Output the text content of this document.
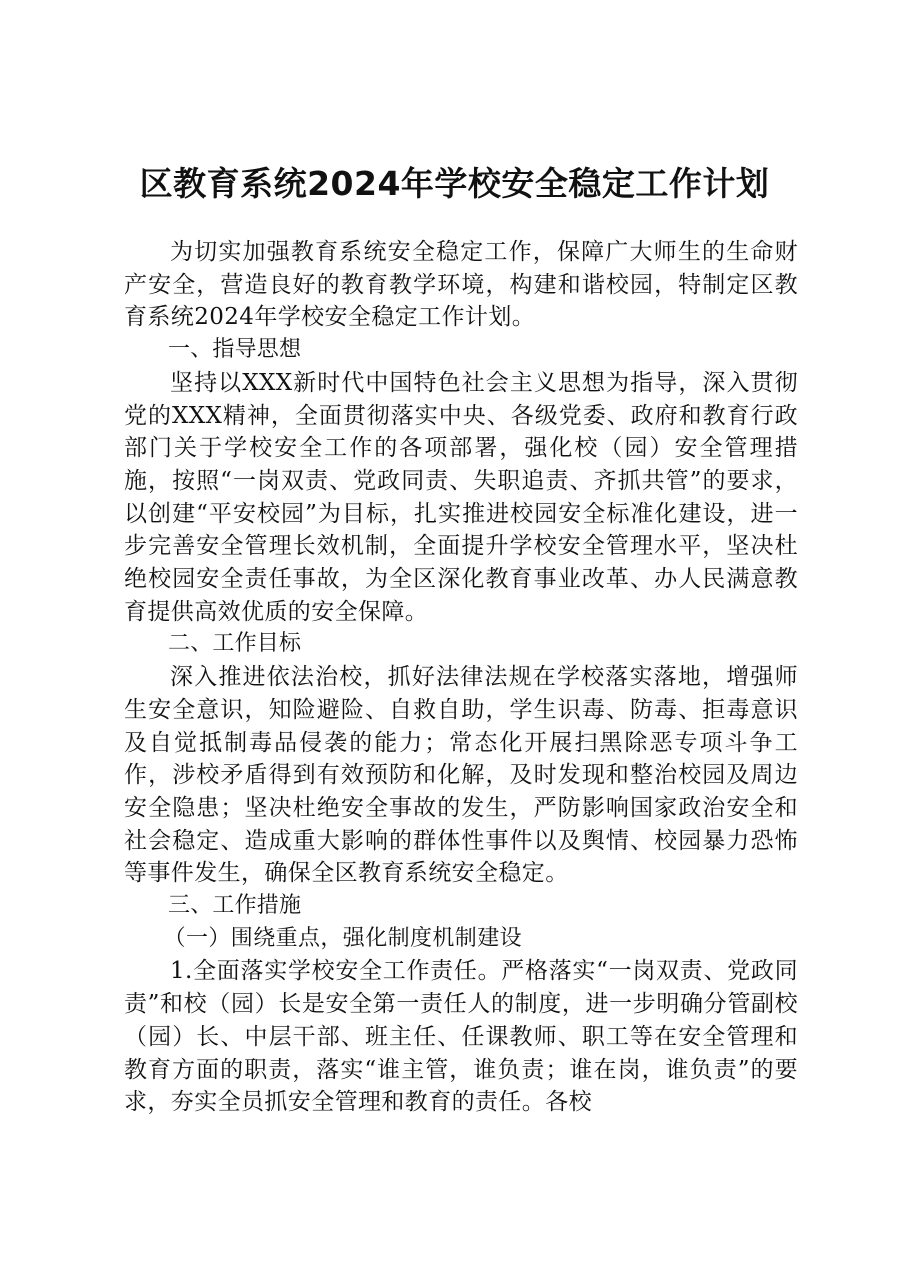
区教育系统2024年学校安全稳定工作计划

为切实加强教育系统安全稳定工作，保障广大师生的生命财产安全，营造良好的教育教学环境，构建和谐校园，特制定区教育系统2024年学校安全稳定工作计划。

一、指导思想

坚持以XXX新时代中国特色社会主义思想为指导，深入贯彻党的XXX精神，全面贯彻落实中央、各级党委、政府和教育行政部门关于学校安全工作的各项部署，强化校（园）安全管理措施，按照“一岗双责、党政同责、失职追责、齐抓共管”的要求，以创建“平安校园”为目标，扎实推进校园安全标准化建设，进一步完善安全管理长效机制，全面提升学校安全管理水平，坚决杜绝校园安全责任事故，为全区深化教育事业改革、办人民满意教育提供高效优质的安全保障。

二、工作目标

深入推进依法治校，抓好法律法规在学校落实落地，增强师生安全意识，知险避险、自救自助，学生识毒、防毒、拒毒意识及自觉抵制毒品侵袭的能力；常态化开展扫黑除恶专项斗争工作，涉校矛盾得到有效预防和化解，及时发现和整治校园及周边安全隐患；坚决杜绝安全事故的发生，严防影响国家政治安全和社会稳定、造成重大影响的群体性事件以及舆情、校园暴力恐怖等事件发生，确保全区教育系统安全稳定。

三、工作措施

（一）围绕重点，强化制度机制建设

1.全面落实学校安全工作责任。严格落实“一岗双责、党政同责”和校（园）长是安全第一责任人的制度，进一步明确分管副校（园）长、中层干部、班主任、任课教师、职工等在安全管理和教育方面的职责，落实“谁主管，谁负责；谁在岗，谁负责”的要求，夯实全员抓安全管理和教育的责任。各校
